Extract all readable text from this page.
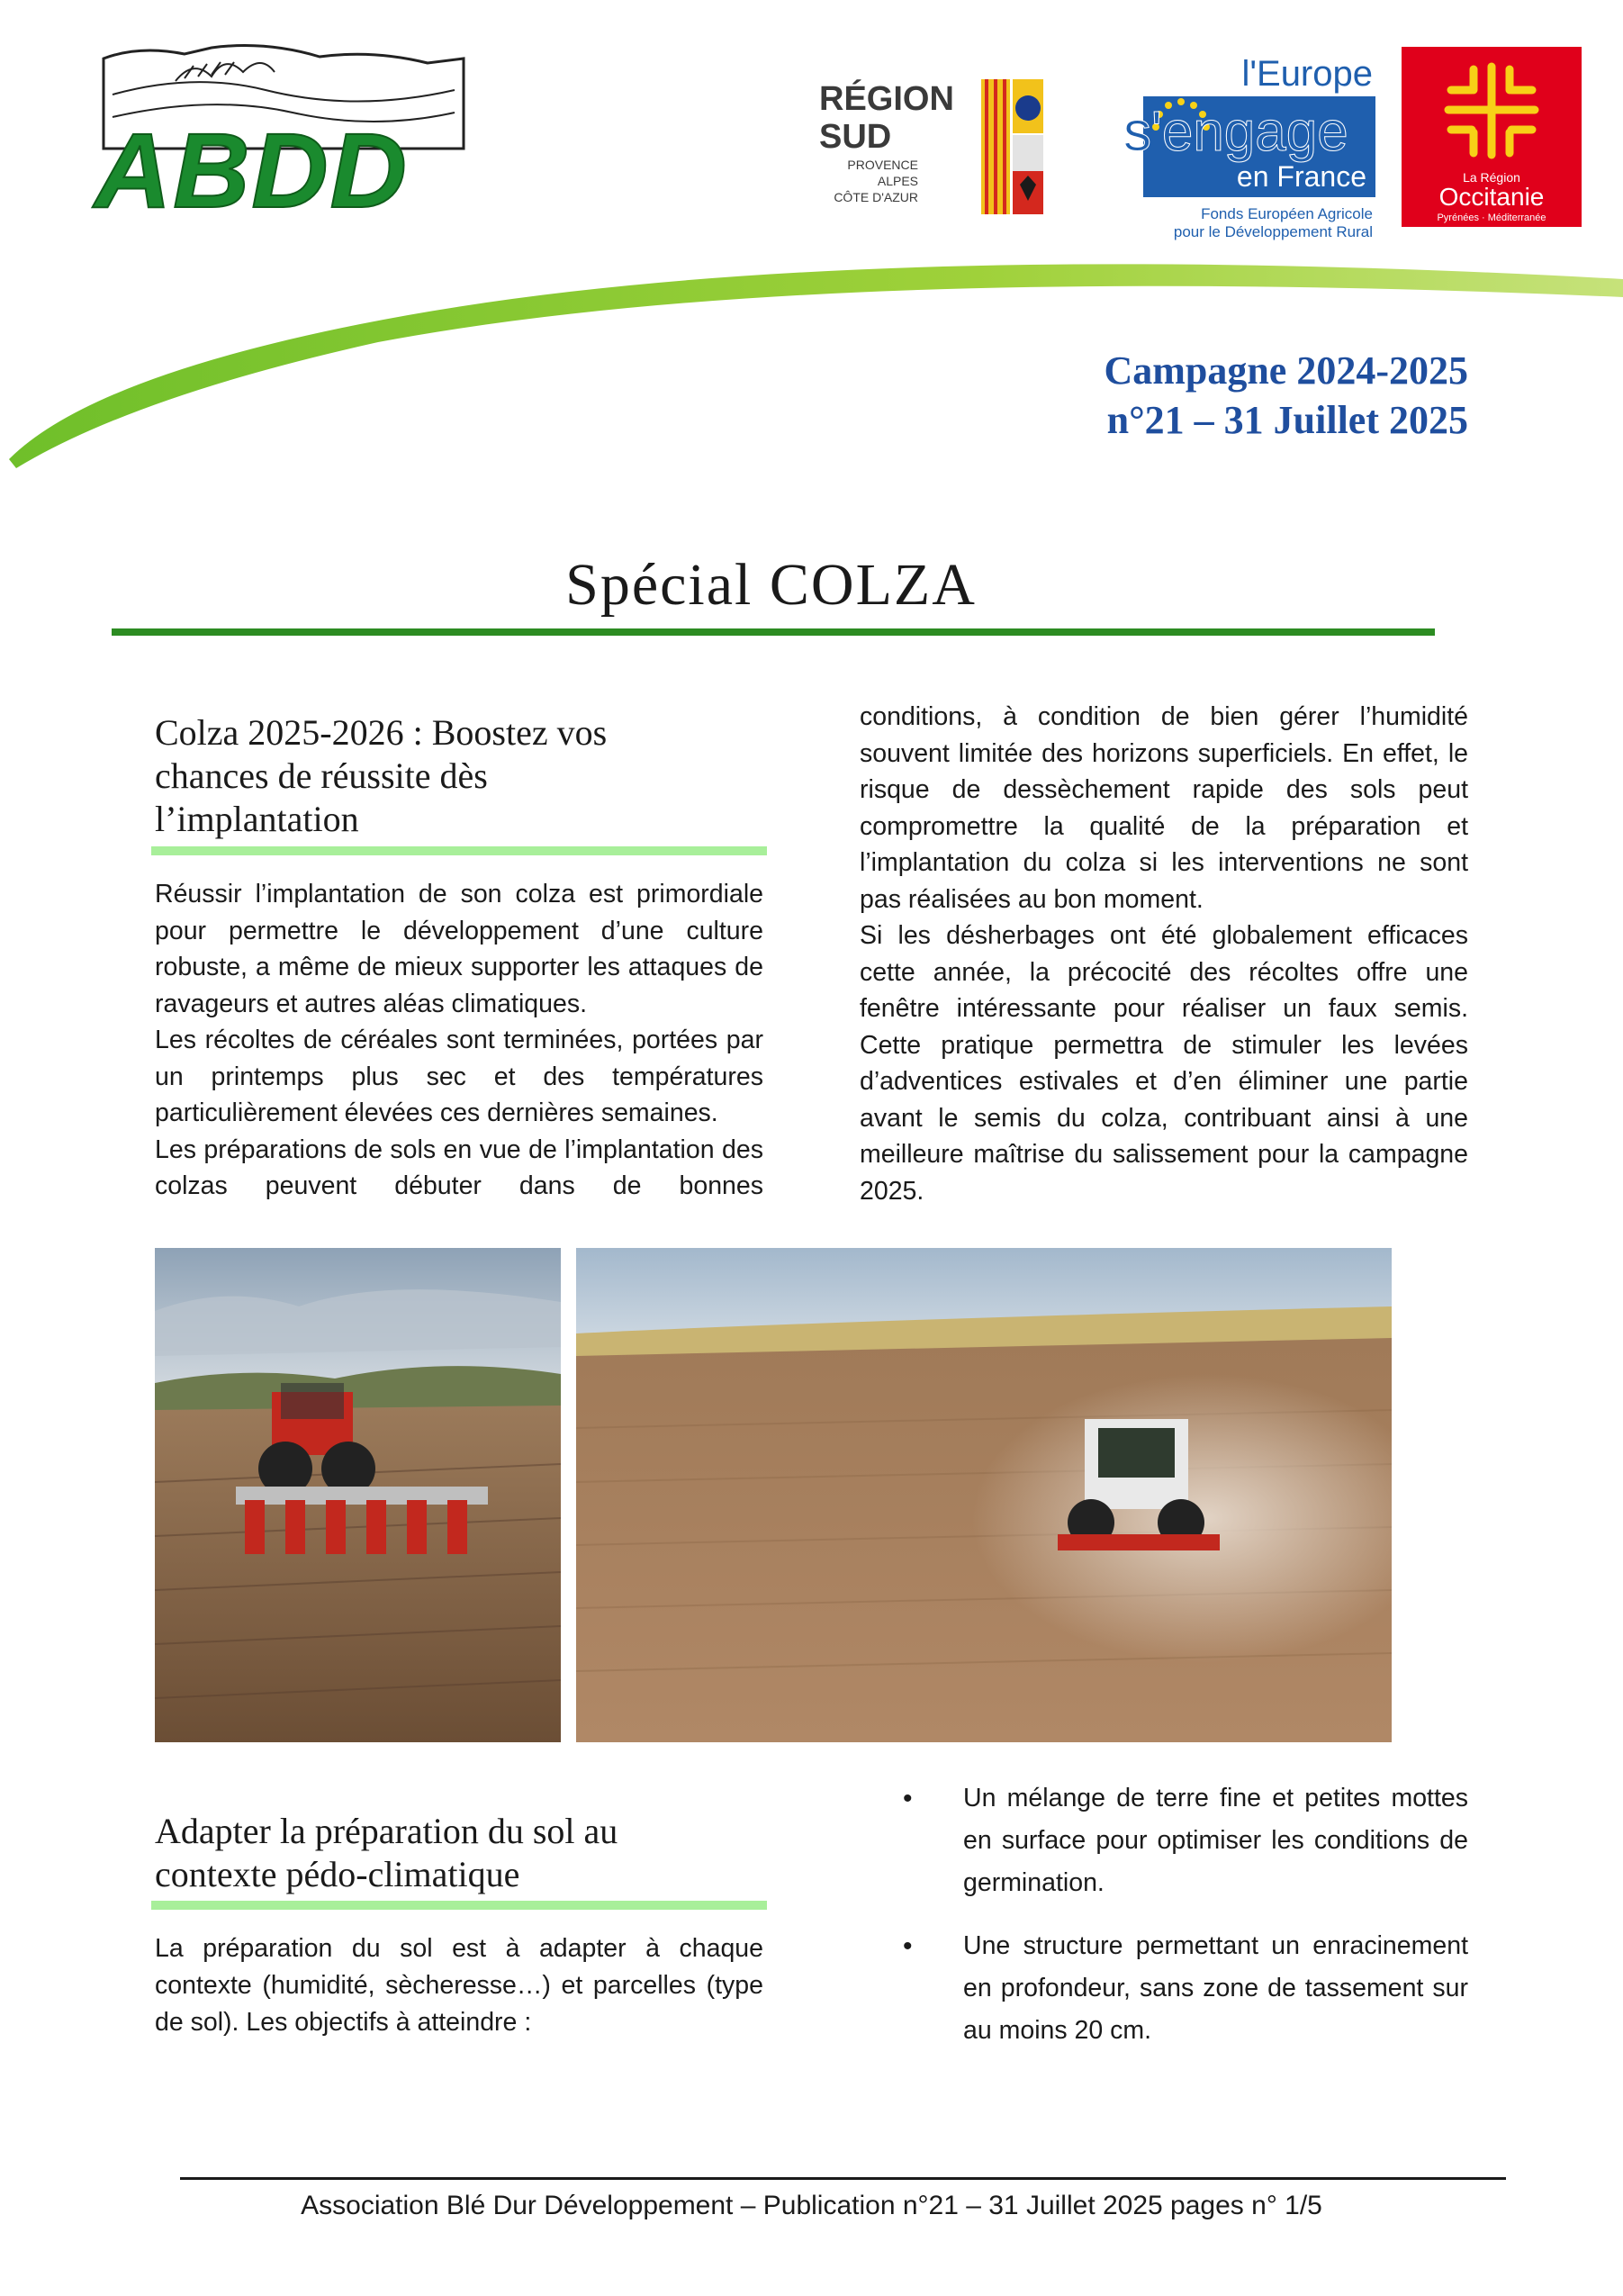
ABDD
RÉGION
SUD
PROVENCE
ALPES
CÔTE D'AZUR
l'Europe
s'engage
en France
Fonds Européen Agricole
pour le Développement Rural
La Région
Occitanie
Pyrénées · Méditerranée
Campagne 2024-2025
n°21 – 31 Juillet 2025
Spécial COLZA
Colza 2025-2026 : Boostez vos
chances de réussite dès
l’implantation

Réussir l’implantation de son colza est primordiale pour permettre le développement d’une culture robuste, a même de mieux supporter les attaques de ravageurs et autres aléas climatiques.

Les récoltes de céréales sont terminées, portées par un printemps plus sec et des températures particulièrement élevées ces dernières semaines.

Les préparations de sols en vue de l’implantation des colzas peuvent débuter dans de bonnes

conditions, à condition de bien gérer l’humidité souvent limitée des horizons superficiels. En effet, le risque de dessèchement rapide des sols peut compromettre la qualité de la préparation et l’implantation du colza si les interventions ne sont pas réalisées au bon moment.

Si les désherbages ont été globalement efficaces cette année, la précocité des récoltes offre une fenêtre intéressante pour réaliser un faux semis. Cette pratique permettra de stimuler les levées d’adventices estivales et d’en éliminer une partie avant le semis du colza, contribuant ainsi à une meilleure maîtrise du salissement pour la campagne 2025.

Adapter la préparation du sol au
contexte pédo-climatique

La préparation du sol est à adapter à chaque contexte (humidité, sècheresse…) et parcelles (type de sol). Les objectifs à atteindre :

• Un mélange de terre fine et petites mottes en surface pour optimiser les conditions de germination.
• Une structure permettant un enracinement en profondeur, sans zone de tassement sur au moins 20 cm.
Association Blé Dur Développement – Publication n°21 – 31 Juillet 2025 pages n° 1/5
